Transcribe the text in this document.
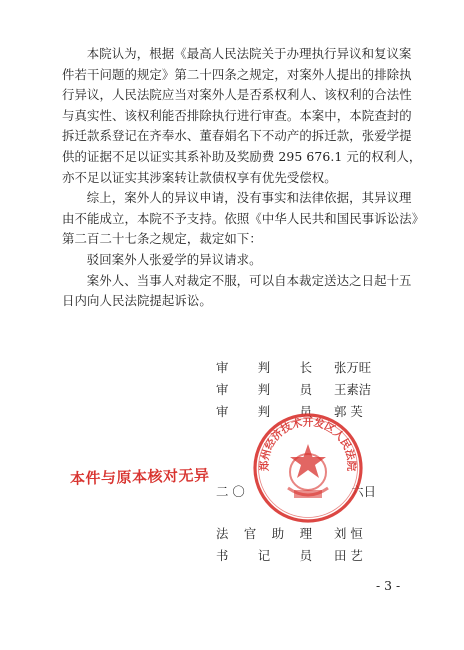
本院认为，根据《最高人民法院关于办理执行异议和复议案
件若干问题的规定》第二十四条之规定，对案外人提出的排除执
行异议，人民法院应当对案外人是否系权利人、该权利的合法性
与真实性、该权利能否排除执行进行审查。本案中，本院查封的
拆迁款系登记在齐奉水、董春娟名下不动产的拆迁款，张爱学提
供的证据不足以证实其系补助及奖励费 295 676.1 元的权利人，
亦不足以证实其涉案转让款债权享有优先受偿权。

综上，案外人的异议申请，没有事实和法律依据，其异议理
由不能成立，本院不予支持。依照《中华人民共和国民事诉讼法》
第二百二十七条之规定，裁定如下：

驳回案外人张爱学的异议请求。

案外人、当事人对裁定不服，可以自本裁定送达之日起十五
日内向人民法院提起诉讼。

审 判 长 张万旺
审 判 员 王素洁
审 判 员 郭 芙
本件与原本核对无异
二 〇	六日
郑州经济技术开发区人民法院
法 官 助 理 刘 恒
书 记 员 田 艺
- 3 -
